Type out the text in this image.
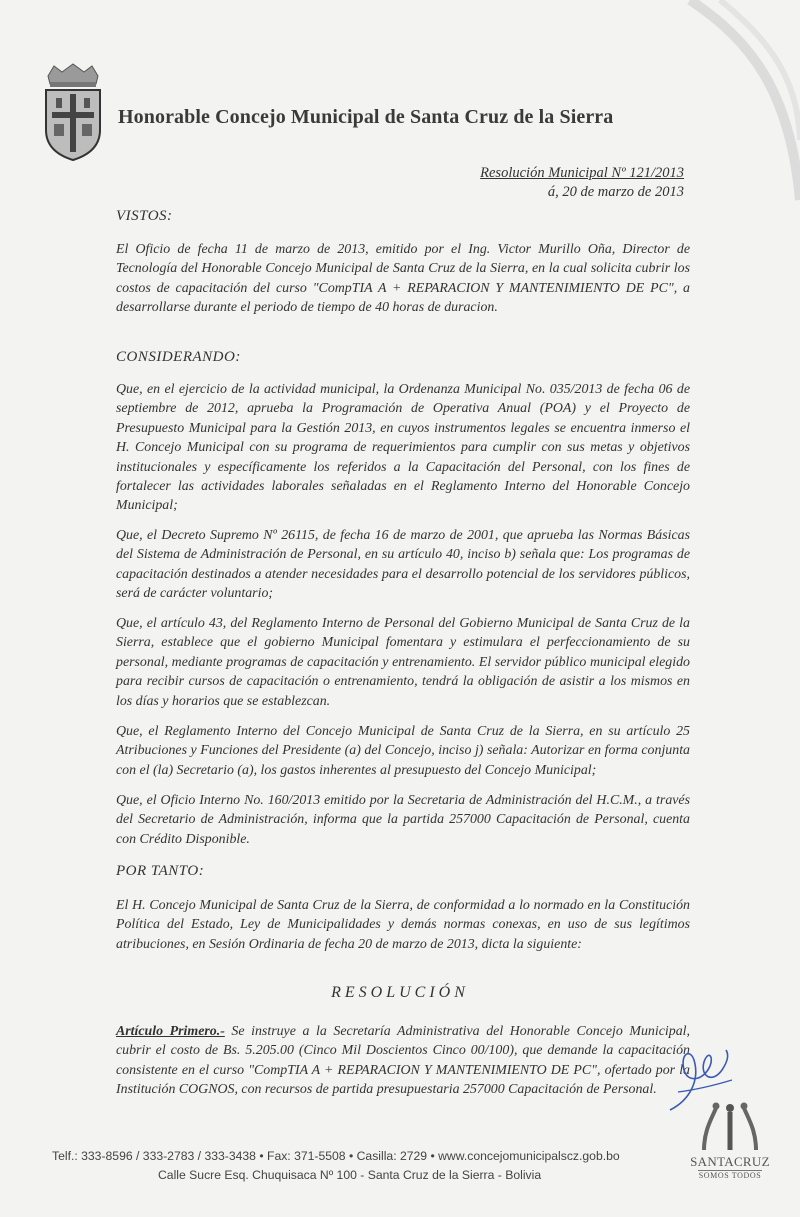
Honorable Concejo Municipal de Santa Cruz de la Sierra
Resolución Municipal Nº 121/2013
á, 20 de marzo de 2013
VISTOS:

El Oficio de fecha 11 de marzo de 2013, emitido por el Ing. Victor Murillo Oña, Director de Tecnología del Honorable Concejo Municipal de Santa Cruz de la Sierra, en la cual solicita cubrir los costos de capacitación del curso "CompTIA A + REPARACION Y MANTENIMIENTO DE PC", a desarrollarse durante el periodo de tiempo de 40 horas de duracion.

CONSIDERANDO:

Que, en el ejercicio de la actividad municipal, la Ordenanza Municipal No. 035/2013 de fecha 06 de septiembre de 2012, aprueba la Programación de Operativa Anual (POA) y el Proyecto de Presupuesto Municipal para la Gestión 2013, en cuyos instrumentos legales se encuentra inmerso el H. Concejo Municipal con su programa de requerimientos para cumplir con sus metas y objetivos institucionales y específicamente los referidos a la Capacitación del Personal, con los fines de fortalecer las actividades laborales señaladas en el Reglamento Interno del Honorable Concejo Municipal;

Que, el Decreto Supremo Nº 26115, de fecha 16 de marzo de 2001, que aprueba las Normas Básicas del Sistema de Administración de Personal, en su artículo 40, inciso b) señala que: Los programas de capacitación destinados a atender necesidades para el desarrollo potencial de los servidores públicos, será de carácter voluntario;

Que, el artículo 43, del Reglamento Interno de Personal del Gobierno Municipal de Santa Cruz de la Sierra, establece que el gobierno Municipal fomentara y estimulara el perfeccionamiento de su personal, mediante programas de capacitación y entrenamiento. El servidor público municipal elegido para recibir cursos de capacitación o entrenamiento, tendrá la obligación de asistir a los mismos en los días y horarios que se establezcan.

Que, el Reglamento Interno del Concejo Municipal de Santa Cruz de la Sierra, en su artículo 25 Atribuciones y Funciones del Presidente (a) del Concejo, inciso j) señala: Autorizar en forma conjunta con el (la) Secretario (a), los gastos inherentes al presupuesto del Concejo Municipal;

Que, el Oficio Interno No. 160/2013 emitido por la Secretaria de Administración del H.C.M., a través del Secretario de Administración, informa que la partida 257000 Capacitación de Personal, cuenta con Crédito Disponible.

POR TANTO:

El H. Concejo Municipal de Santa Cruz de la Sierra, de conformidad a lo normado en la Constitución Política del Estado, Ley de Municipalidades y demás normas conexas, en uso de sus legítimos atribuciones, en Sesión Ordinaria de fecha 20 de marzo de 2013, dicta la siguiente:

RESOLUCIÓN

Artículo Primero.- Se instruye a la Secretaría Administrativa del Honorable Concejo Municipal, cubrir el costo de Bs. 5.205.00 (Cinco Mil Doscientos Cinco 00/100), que demande la capacitación consistente en el curso "CompTIA A + REPARACION Y MANTENIMIENTO DE PC", ofertado por la Institución COGNOS, con recursos de partida presupuestaria 257000 Capacitación de Personal.

SANTACRUZ
SOMOS TODOS
Telf.: 333-8596 / 333-2783 / 333-3438 • Fax: 371-5508 • Casilla: 2729 • www.concejomunicipalscz.gob.bo
Calle Sucre Esq. Chuquisaca Nº 100 - Santa Cruz de la Sierra - Bolivia
